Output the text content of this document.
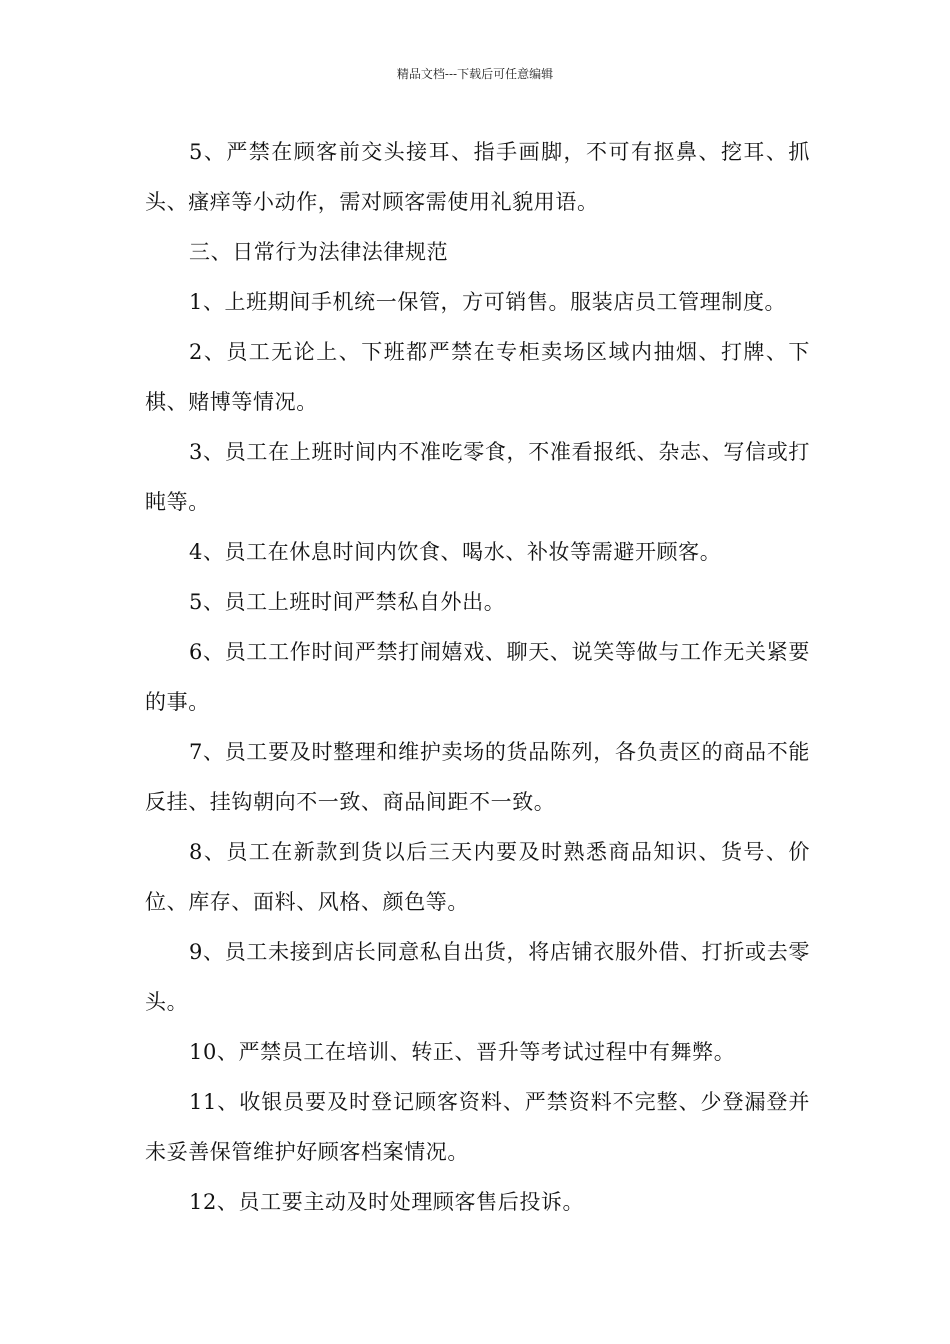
精品文档---下载后可任意编辑

5、严禁在顾客前交头接耳、指手画脚，不可有抠鼻、挖耳、抓头、瘙痒等小动作，需对顾客需使用礼貌用语。

三、日常行为法律法律规范

1、上班期间手机统一保管，方可销售。服装店员工管理制度。

2、员工无论上、下班都严禁在专柜卖场区域内抽烟、打牌、下棋、赌博等情况。

3、员工在上班时间内不准吃零食，不准看报纸、杂志、写信或打盹等。

4、员工在休息时间内饮食、喝水、补妆等需避开顾客。

5、员工上班时间严禁私自外出。

6、员工工作时间严禁打闹嬉戏、聊天、说笑等做与工作无关紧要的事。

7、员工要及时整理和维护卖场的货品陈列，各负责区的商品不能反挂、挂钩朝向不一致、商品间距不一致。

8、员工在新款到货以后三天内要及时熟悉商品知识、货号、价位、库存、面料、风格、颜色等。

9、员工未接到店长同意私自出货，将店铺衣服外借、打折或去零头。

10、严禁员工在培训、转正、晋升等考试过程中有舞弊。

11、收银员要及时登记顾客资料、严禁资料不完整、少登漏登并未妥善保管维护好顾客档案情况。

12、员工要主动及时处理顾客售后投诉。
